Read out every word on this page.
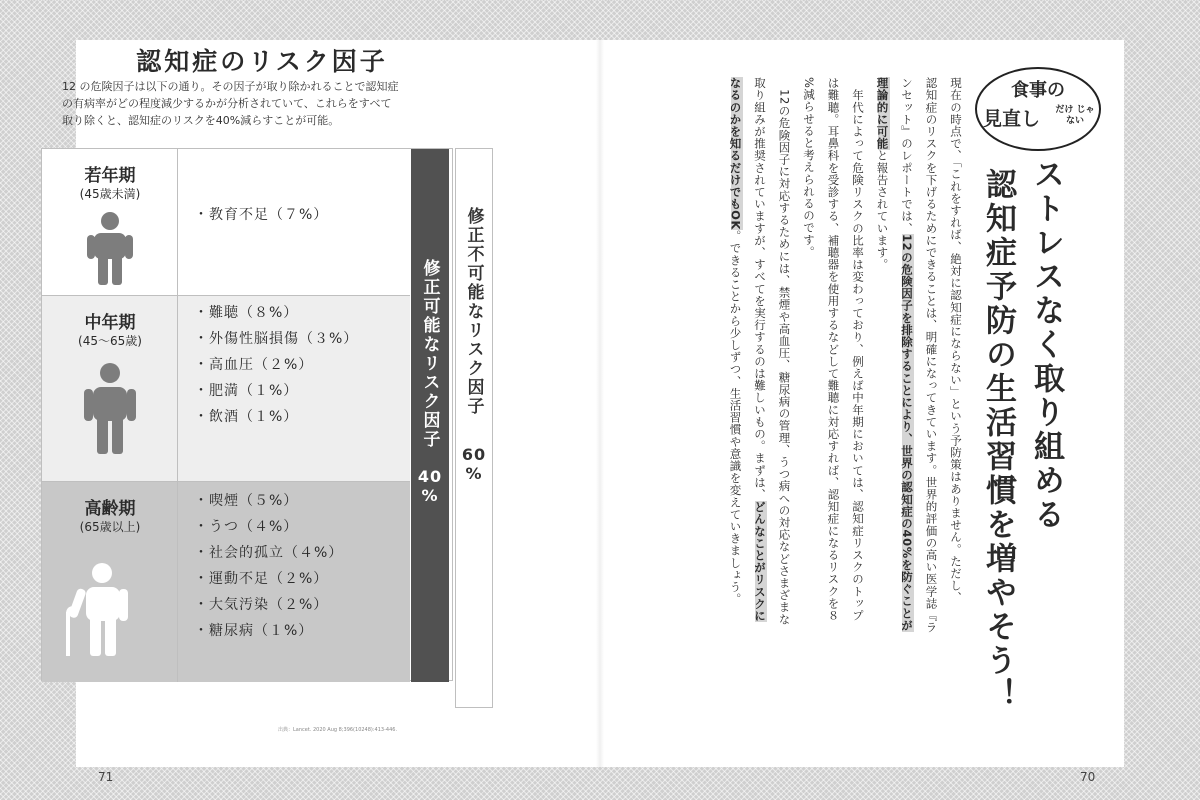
認知症のリスク因子
12 の危険因子は以下の通り。その因子が取り除かれることで認知症の有病率がどの程度減少するかが分析されていて、これらをすべて取り除くと、認知症のリスクを40%減らすことが可能。
若年期
(45歳未満)
・教育不足（７%）
中年期
(45〜65歳)
・難聴（８%）
・外傷性脳損傷（３%）
・高血圧（２%）
・肥満（１%）
・飲酒（１%）
高齢期
(65歳以上)
・喫煙（５%）
・うつ（４%）
・社会的孤立（４%）
・運動不足（２%）
・大気汚染（２%）
・糖尿病（１%）
修正可能なリスク因子
40 %
修正不可能なリスク因子
60 %
出典：Lancet. 2020 Aug 8;396(10248):413-446.
71
食事の
見直し だけ じゃない
ストレスなく取り組める
認知症予防の生活習慣を増やそう！
現在の時点で、「これをすれば、絶対に認知症にならない」という予防策はありません。ただし、
認知症のリスクを下げるためにできることは、明確になってきています。世界的評価の高い医学誌『ラ
ンセット』のレポートでは、12の危険因子を排除することにより、世界の認知症の40%を防ぐことが
理論的に可能と報告されています。
　年代によって危険リスクの比率は変わっており、例えば中年期においては、認知症リスクのトップ
は難聴。耳鼻科を受診する、補聴器を使用するなどして難聴に対応すれば、認知症になるリスクを８
%減らせると考えられるのです。
　12の危険因子に対応するためには、禁煙や高血圧、糖尿病の管理、うつ病への対応などさまざまな
取り組みが推奨されていますが、すべてを実行するのは難しいもの。まずは、どんなことがリスクに
なるのかを知るだけでもOK。できることから少しずつ、生活習慣や意識を変えていきましょう。
70
